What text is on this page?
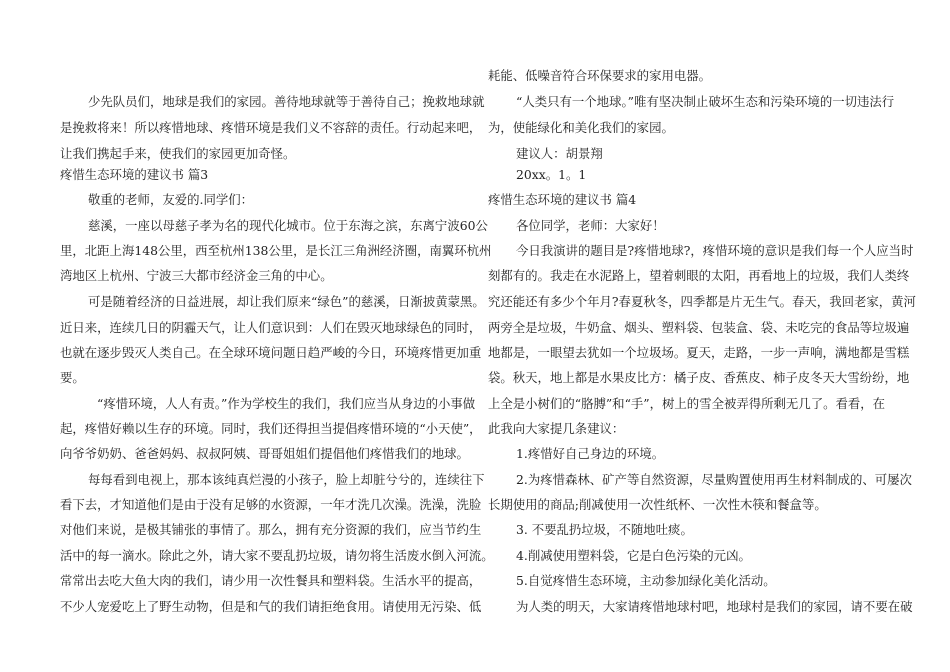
少先队员们，地球是我们的家园。善待地球就等于善待自己；挽救地球就
是挽救将来！所以疼惜地球、疼惜环境是我们义不容辞的责任。行动起来吧，
让我们携起手来，使我们的家园更加奇怪。
疼惜生态环境的建议书 篇3
敬重的老师，友爱的.同学们：
慈溪，一座以母慈子孝为名的现代化城市。位于东海之滨，东离宁波60公
里，北距上海148公里，西至杭州138公里，是长江三角洲经济圈，南翼环杭州
湾地区上杭州、宁波三大都市经济金三角的中心。
可是随着经济的日益进展，却让我们原来“绿色”的慈溪，日渐披黄蒙黑。
近日来，连续几日的阴霾天气，让人们意识到：人们在毁灭地球绿色的同时，
也就在逐步毁灭人类自己。在全球环境问题日趋严峻的今日，环境疼惜更加重
要。
“疼惜环境，人人有责。”作为学校生的我们，我们应当从身边的小事做
起，疼惜好赖以生存的环境。同时，我们还得担当提倡疼惜环境的“小天使”，
向爷爷奶奶、爸爸妈妈、叔叔阿姨、哥哥姐姐们提倡他们疼惜我们的地球。
每每看到电视上，那本该纯真烂漫的小孩子，脸上却脏兮兮的，连续往下
看下去，才知道他们是由于没有足够的水资源，一年才洗几次澡。洗澡，洗脸
对他们来说，是极其铺张的事情了。那么，拥有充分资源的我们，应当节约生
活中的每一滴水。除此之外，请大家不要乱扔垃圾，请勿将生活废水倒入河流。
常常出去吃大鱼大肉的我们，请少用一次性餐具和塑料袋。生活水平的提高，
不少人宠爱吃上了野生动物，但是和气的我们请拒绝食用。请使用无污染、低
耗能、低噪音符合环保要求的家用电器。
“人类只有一个地球。”唯有坚决制止破坏生态和污染环境的一切违法行
为，使能绿化和美化我们的家园。
建议人：胡景翔
20xx。1。1
疼惜生态环境的建议书 篇4
各位同学，老师：大家好！
今日我演讲的题目是?疼惜地球?，疼惜环境的意识是我们每一个人应当时
刻都有的。我走在水泥路上，望着刺眼的太阳，再看地上的垃圾，我们人类终
究还能还有多少个年月?春夏秋冬，四季都是片无生气。春天，我回老家，黄河
两旁全是垃圾，牛奶盒、烟头、塑料袋、包装盒、袋、未吃完的食品等垃圾遍
地都是，一眼望去犹如一个垃圾场。夏天，走路，一步一声响，满地都是雪糕
袋。秋天，地上都是水果皮比方：橘子皮、香蕉皮、柿子皮冬天大雪纷纷，地
上全是小树们的“胳膊”和“手”，树上的雪全被弄得所剩无几了。看看，在
此我向大家提几条建议：
1.疼惜好自己身边的环境。
2.为疼惜森林、矿产等自然资源，尽量购置使用再生材料制成的、可屡次
长期使用的商品;削减使用一次性纸杯、一次性木筷和餐盒等。
3. 不要乱扔垃圾，不随地吐痰。
4.削减使用塑料袋，它是白色污染的元凶。
5.自觉疼惜生态环境，主动参加绿化美化活动。
为人类的明天，大家请疼惜地球村吧，地球村是我们的家园，请不要在破
